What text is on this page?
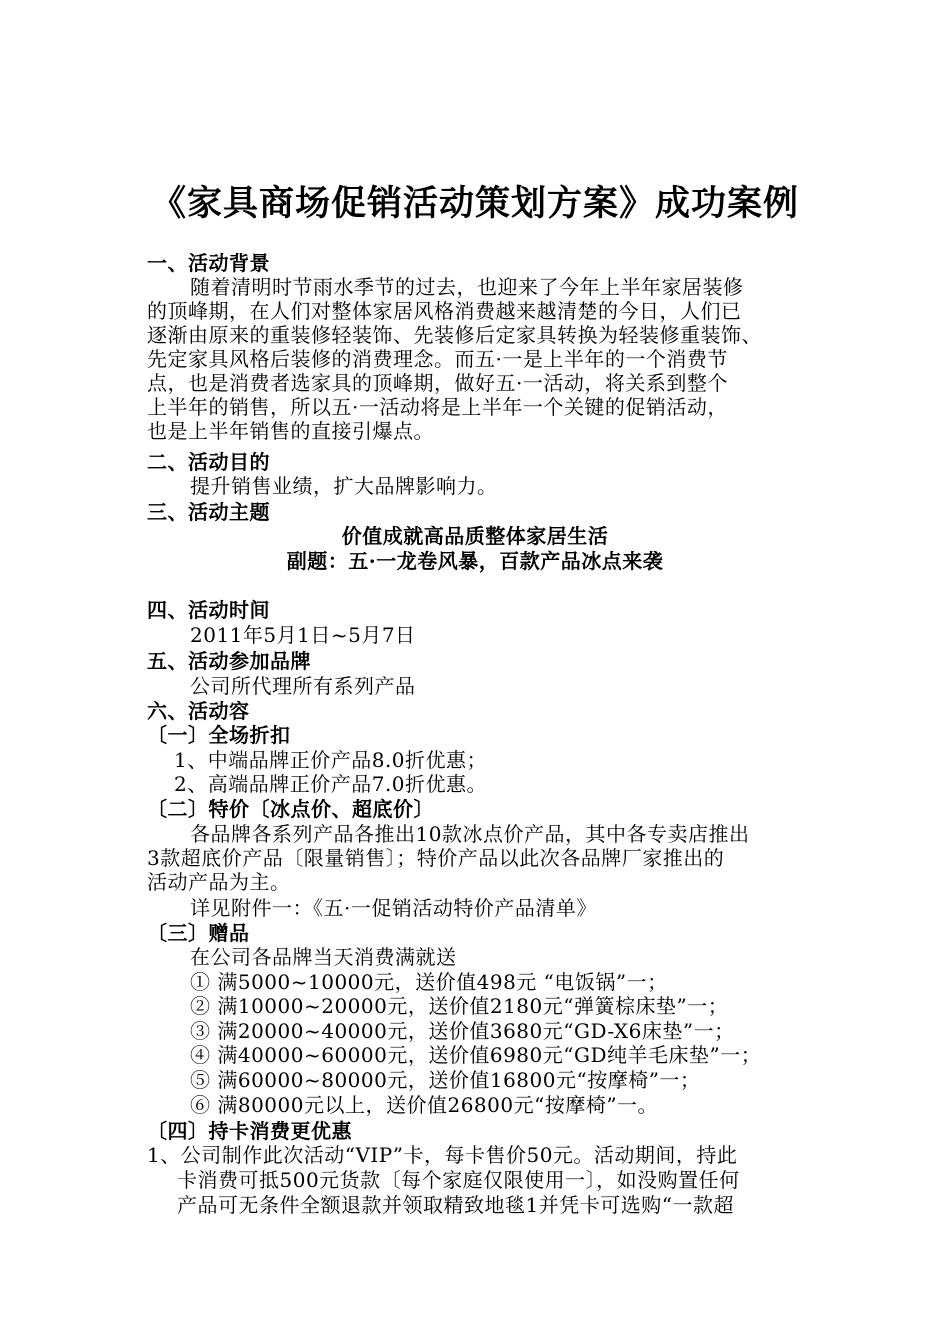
《家具商场促销活动策划方案》成功案例
一、活动背景
随着清明时节雨水季节的过去，也迎来了今年上半年家居装修
的顶峰期，在人们对整体家居风格消费越来越清楚的今日，人们已
逐渐由原来的重装修轻装饰、先装修后定家具转换为轻装修重装饰、
先定家具风格后装修的消费理念。而五·一是上半年的一个消费节
点，也是消费者选家具的顶峰期，做好五·一活动，将关系到整个
上半年的销售，所以五·一活动将是上半年一个关键的促销活动，
也是上半年销售的直接引爆点。
二、活动目的
提升销售业绩，扩大品牌影响力。
三、活动主题
价值成就高品质整体家居生活
副题：五·一龙卷风暴，百款产品冰点来袭
四、活动时间
2011年5月1日~5月7日
五、活动参加品牌
公司所代理所有系列产品
六、活动容
〔一〕全场折扣
1、中端品牌正价产品8.0折优惠；
2、高端品牌正价产品7.0折优惠。
〔二〕特价〔冰点价、超底价〕
各品牌各系列产品各推出10款冰点价产品，其中各专卖店推出
3款超底价产品〔限量销售〕；特价产品以此次各品牌厂家推出的
活动产品为主。
详见附件一：《五·一促销活动特价产品清单》
〔三〕赠品
在公司各品牌当天消费满就送
① 满5000~10000元，送价值498元 “电饭锅”一；
② 满10000~20000元，送价值2180元“弹簧棕床垫”一；
③ 满20000~40000元，送价值3680元“GD-X6床垫”一；
④ 满40000~60000元，送价值6980元“GD纯羊毛床垫”一；
⑤ 满60000~80000元，送价值16800元“按摩椅”一；
⑥ 满80000元以上，送价值26800元“按摩椅”一。
〔四〕持卡消费更优惠
1、公司制作此次活动“VIP”卡，每卡售价50元。活动期间，持此
卡消费可抵500元货款〔每个家庭仅限使用一〕，如没购置任何
产品可无条件全额退款并领取精致地毯1并凭卡可选购“一款超
